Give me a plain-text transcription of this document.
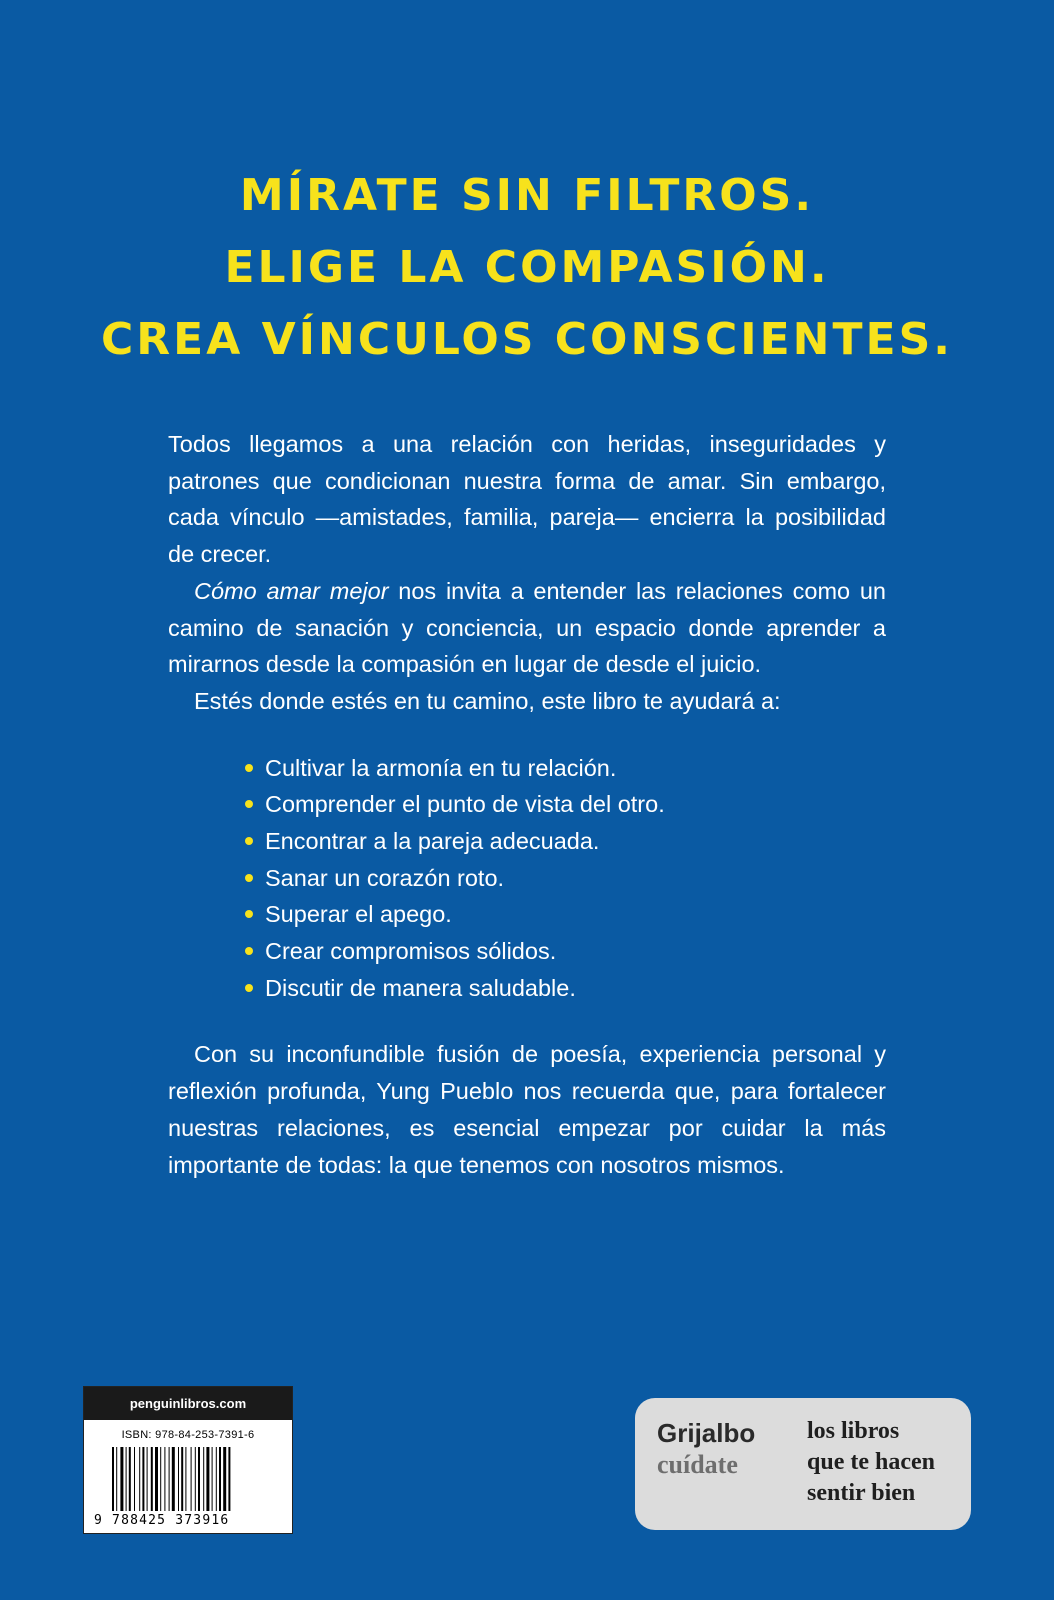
MÍRATE SIN FILTROS.
ELIGE LA COMPASIÓN.
CREA VÍNCULOS CONSCIENTES.

Todos llegamos a una relación con heridas, inseguridades y patrones que condicionan nuestra forma de amar. Sin embargo, cada vínculo —amistades, familia, pareja— encierra la posibilidad de crecer.

Cómo amar mejor nos invita a entender las relaciones como un camino de sanación y conciencia, un espacio donde aprender a mirarnos desde la compasión en lugar de desde el juicio.

Estés donde estés en tu camino, este libro te ayudará a:

Cultivar la armonía en tu relación.
Comprender el punto de vista del otro.
Encontrar a la pareja adecuada.
Sanar un corazón roto.
Superar el apego.
Crear compromisos sólidos.
Discutir de manera saludable.

Con su inconfundible fusión de poesía, experiencia personal y reflexión profunda, Yung Pueblo nos recuerda que, para fortalecer nuestras relaciones, es esencial empezar por cuidar la más importante de todas: la que tenemos con nosotros mismos.

penguinlibros.com
ISBN: 978-84-253-7391-6
9 788425 373916
Grijalbo
cuídate
los libros
que te hacen
sentir bien
